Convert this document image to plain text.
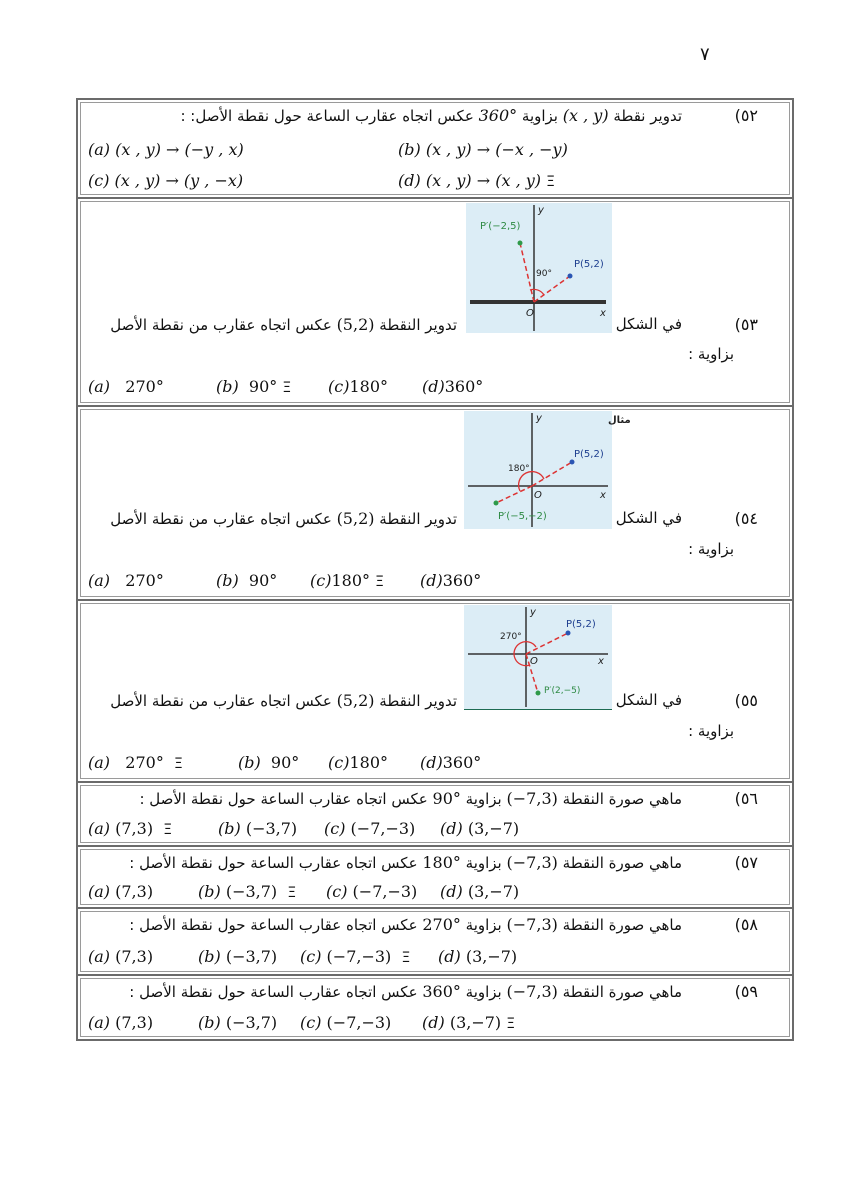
٧
٥٢)
تدوير نقطة (x , y) بزاوية 360° عكس اتجاه عقارب الساعة حول نقطة الأصل: :
(a) (x , y) → (−y , x)	(b) (x , y) → (−x , −y)
(c) (x , y) → (y , −x)	(d) (x , y) → (x , y) Ξ
P(5,2)
P′(−2,5)
90°
O	x
y
٥٣)
في الشكل
تدوير النقطة (5,2) عكس اتجاه عقارب من نقطة الأصل
بزاوية :
(a) 270°	(b) 90° Ξ (c)180° (d)360°
P(5,2)
P′(−5,−2)
180°
O	x
y	مثال
٥٤)
في الشكل
تدوير النقطة (5,2) عكس اتجاه عقارب من نقطة الأصل
بزاوية :
(a) 270°	(b) 90° (c)180° Ξ (d)360°
P(5,2)
P′(2,−5)
270°
O	x
y
٥٥)
في الشكل
تدوير النقطة (5,2) عكس اتجاه عقارب من نقطة الأصل
بزاوية :
(a) 270° Ξ	(b) 90° (c)180° (d)360°
٥٦)
ماهي صورة النقطة (−7,3) بزاوية 90° عكس اتجاه عقارب الساعة حول نقطة الأصل :
(a) (7,3) Ξ	(b) (−3,7) (c) (−7,−3) (d) (3,−7)
٥٧)
ماهي صورة النقطة (−7,3) بزاوية 180° عكس اتجاه عقارب الساعة حول نقطة الأصل :
(a) (7,3)	(b) (−3,7) Ξ (c) (−7,−3) (d) (3,−7)
٥٨)
ماهي صورة النقطة (−7,3) بزاوية 270° عكس اتجاه عقارب الساعة حول نقطة الأصل :
(a) (7,3)	(b) (−3,7) (c) (−7,−3) Ξ (d) (3,−7)
٥٩)
ماهي صورة النقطة (−7,3) بزاوية 360° عكس اتجاه عقارب الساعة حول نقطة الأصل :
(a) (7,3)	(b) (−3,7) (c) (−7,−3) (d) (3,−7) Ξ
